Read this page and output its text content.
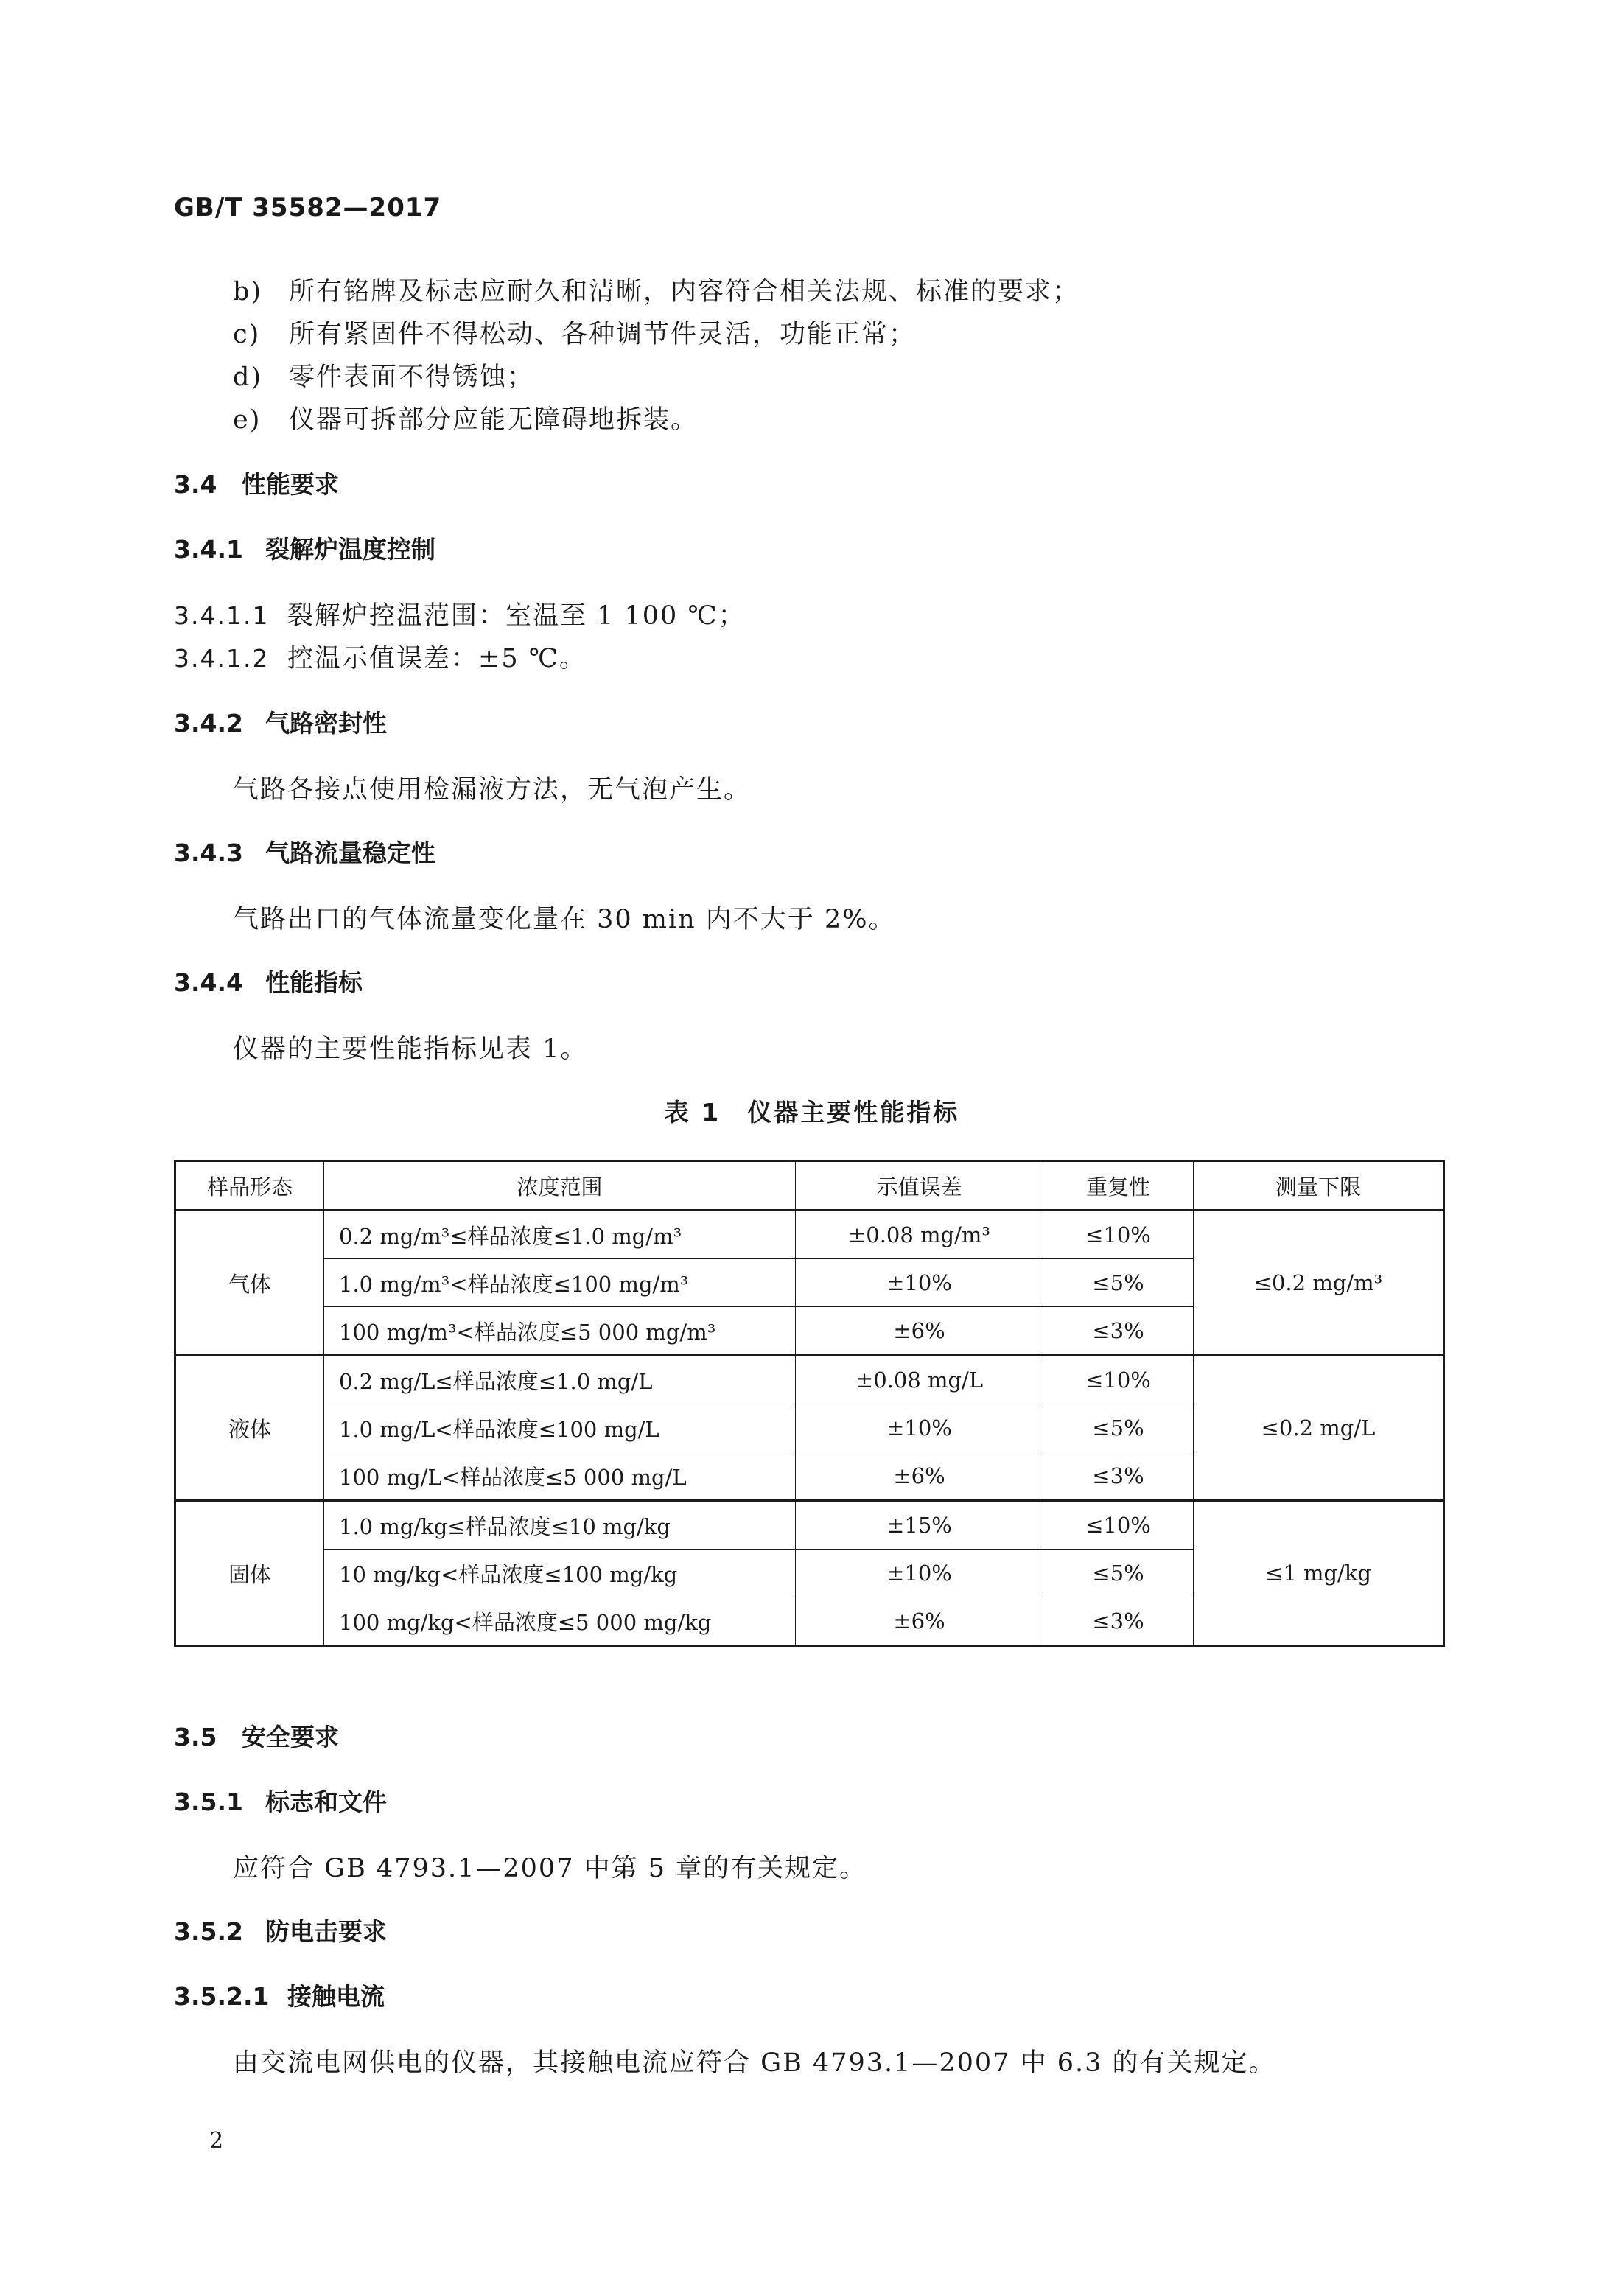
GB/T 35582—2017
b) 所有铭牌及标志应耐久和清晰，内容符合相关法规、标准的要求；
c) 所有紧固件不得松动、各种调节件灵活，功能正常；
d) 零件表面不得锈蚀；
e) 仪器可拆部分应能无障碍地拆装。
3.4 性能要求
3.4.1 裂解炉温度控制
3.4.1.1 裂解炉控温范围：室温至 1 100 ℃；
3.4.1.2 控温示值误差：±5 ℃。
3.4.2 气路密封性
气路各接点使用检漏液方法，无气泡产生。
3.4.3 气路流量稳定性
气路出口的气体流量变化量在 30 min 内不大于 2%。
3.4.4 性能指标
仪器的主要性能指标见表 1。
表 1　仪器主要性能指标
样品形态	浓度范围	示值误差	重复性	测量下限
气体	0.2 mg/m³≤样品浓度≤1.0 mg/m³	±0.08 mg/m³	≤10%	≤0.2 mg/m³
	1.0 mg/m³<样品浓度≤100 mg/m³	±10%	≤5%	
	100 mg/m³<样品浓度≤5 000 mg/m³	±6%	≤3%	
液体	0.2 mg/L≤样品浓度≤1.0 mg/L	±0.08 mg/L	≤10%	≤0.2 mg/L
	1.0 mg/L<样品浓度≤100 mg/L	±10%	≤5%	
	100 mg/L<样品浓度≤5 000 mg/L	±6%	≤3%	
固体	1.0 mg/kg≤样品浓度≤10 mg/kg	±15%	≤10%	≤1 mg/kg
	10 mg/kg<样品浓度≤100 mg/kg	±10%	≤5%	
	100 mg/kg<样品浓度≤5 000 mg/kg	±6%	≤3%	
3.5 安全要求
3.5.1 标志和文件
应符合 GB 4793.1—2007 中第 5 章的有关规定。
3.5.2 防电击要求
3.5.2.1 接触电流
由交流电网供电的仪器，其接触电流应符合 GB 4793.1—2007 中 6.3 的有关规定。
2
